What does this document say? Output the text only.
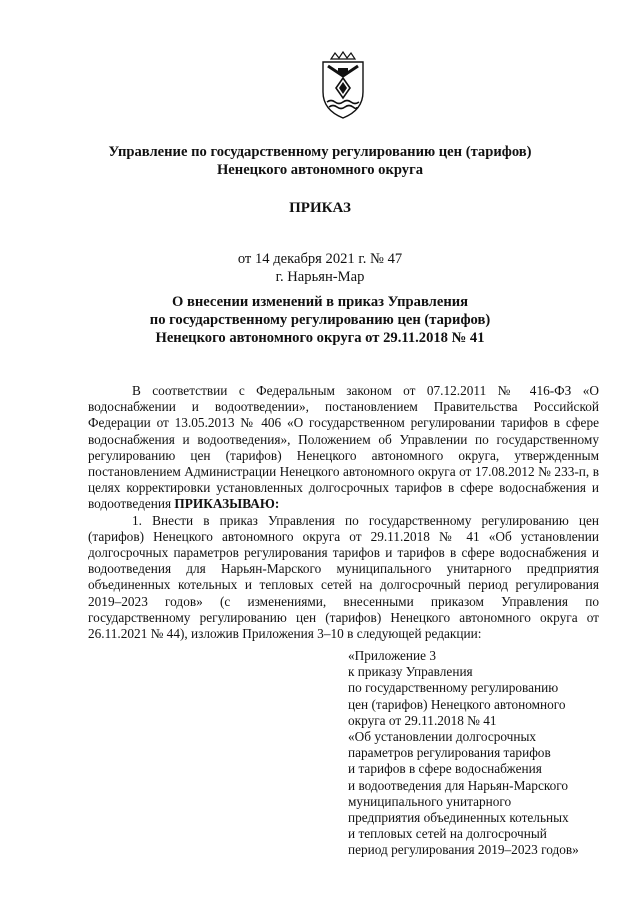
Управление по государственному регулированию цен (тарифов)
Ненецкого автономного округа
ПРИКАЗ
от 14 декабря 2021 г. № 47
г. Нарьян-Мар
О внесении изменений в приказ Управления
по государственному регулированию цен (тарифов)
Ненецкого автономного округа от 29.11.2018 № 41

В соответствии с Федеральным законом от 07.12.2011 № 416-ФЗ «О водоснабжении и водоотведении», постановлением Правительства Российской Федерации от 13.05.2013 № 406 «О государственном регулировании тарифов в сфере водоснабжения и водоотведения», Положением об Управлении по государственному регулированию цен (тарифов) Ненецкого автономного округа, утвержденным постановлением Администрации Ненецкого автономного округа от 17.08.2012 № 233-п, в целях корректировки установленных долгосрочных тарифов в сфере водоснабжения и водоотведения ПРИКАЗЫВАЮ:

1. Внести в приказ Управления по государственному регулированию цен (тарифов) Ненецкого автономного округа от 29.11.2018 № 41 «Об установлении долгосрочных параметров регулирования тарифов и тарифов в сфере водоснабжения и водоотведения для Нарьян-Марского муниципального унитарного предприятия объединенных котельных и тепловых сетей на долгосрочный период регулирования 2019–2023 годов» (с изменениями, внесенными приказом Управления по государственному регулированию цен (тарифов) Ненецкого автономного округа от 26.11.2021 № 44), изложив Приложения 3–10 в следующей редакции:

«Приложение 3
к приказу Управления
по государственному регулированию
цен (тарифов) Ненецкого автономного
округа от 29.11.2018 № 41
«Об установлении долгосрочных
параметров регулирования тарифов
и тарифов в сфере водоснабжения
и водоотведения для Нарьян-Марского
муниципального унитарного
предприятия объединенных котельных
и тепловых сетей на долгосрочный
период регулирования 2019–2023 годов»
